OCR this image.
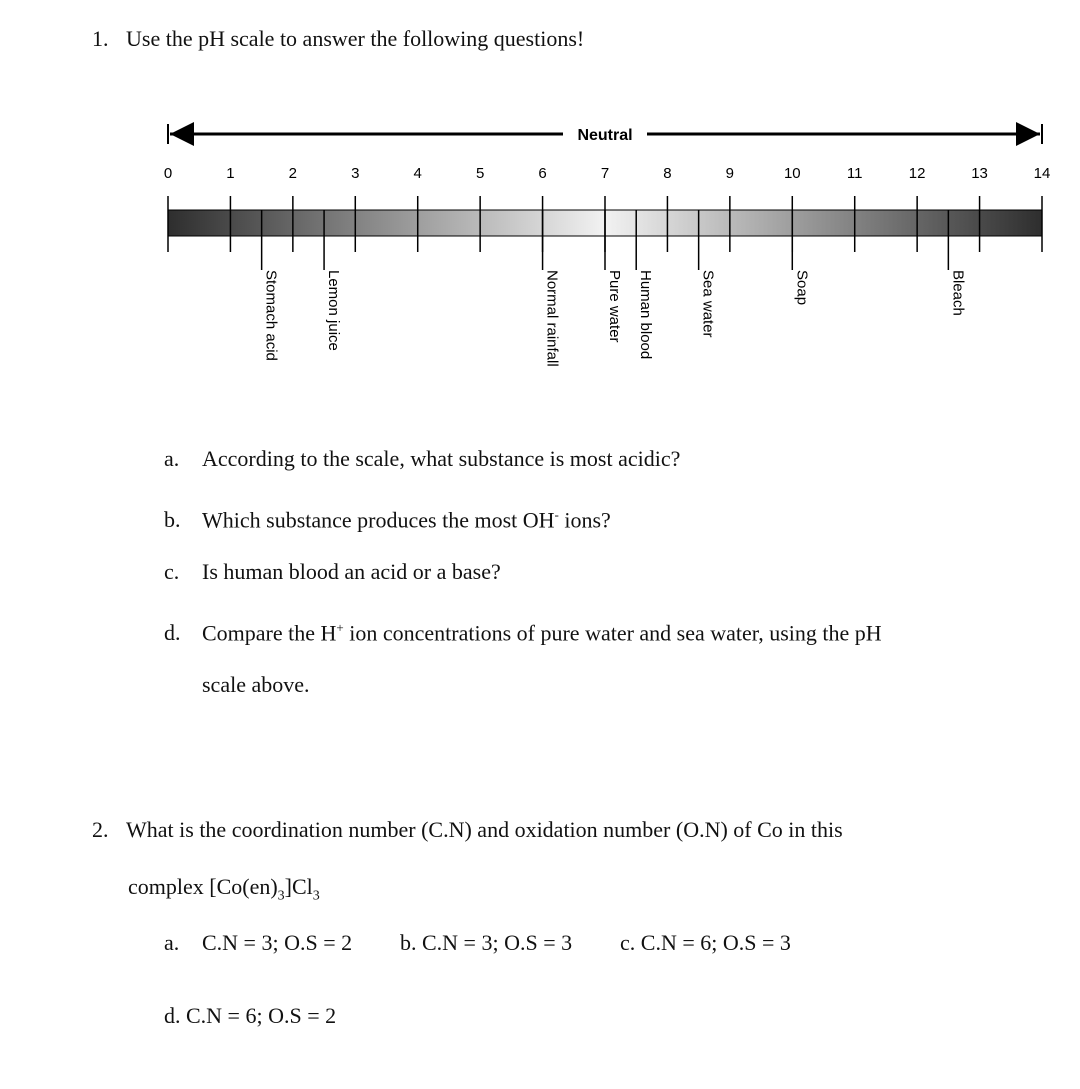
1. Use the pH scale to answer the following questions!
Neutral
0	1	2	3	4	5	6	7	8	9	10	11	12	13	14
Stomach acid	Lemon juice	Normal rainfall	Pure water Human blood	Sea water	Soap	Bleach
a. According to the scale, what substance is most acidic?
b. Which substance produces the most OH- ions?
c. Is human blood an acid or a base?
d. Compare the H+ ion concentrations of pure water and sea water, using the pH
scale above.
2. What is the coordination number (C.N) and oxidation number (O.N) of Co in this
complex $[Co(en)_3]Cl_3$
a. C.N = 3; O.S = 2 b. C.N = 3; O.S = 3 c. C.N = 6; O.S = 3
d. C.N = 6; O.S = 2
